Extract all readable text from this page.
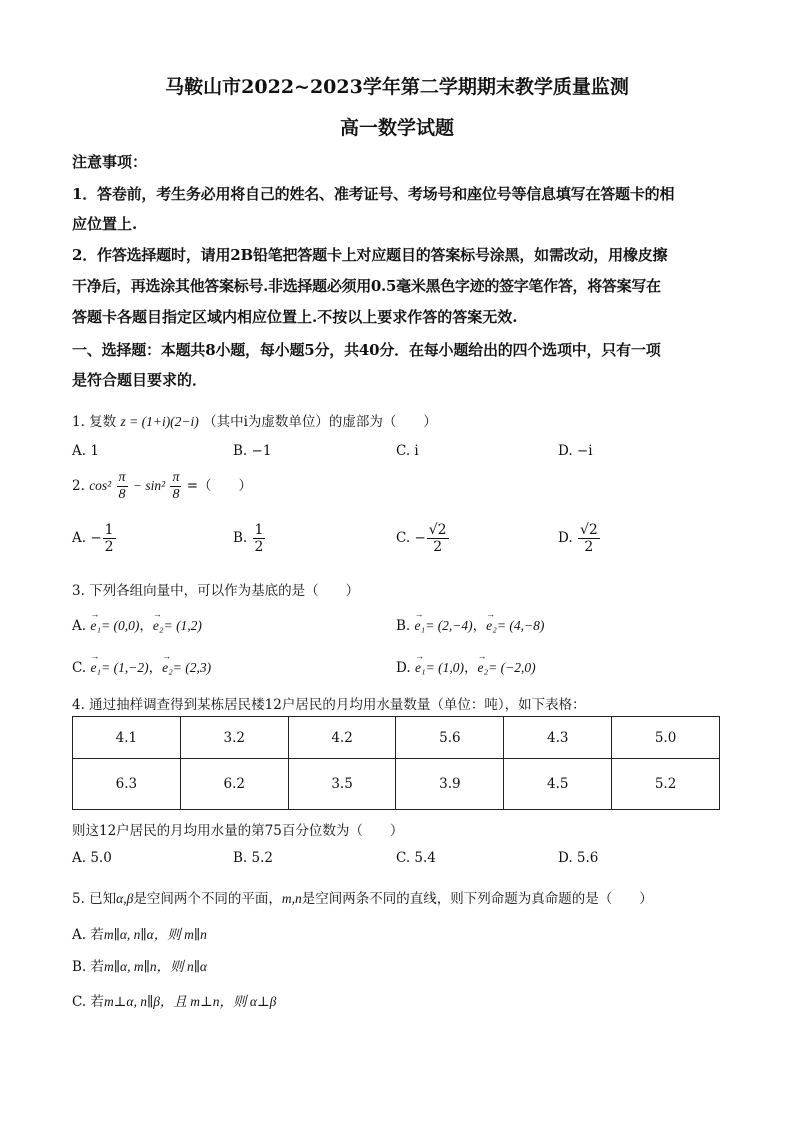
马鞍山市2022~2023学年第二学期期末教学质量监测
高一数学试题
注意事项：
1．答卷前，考生务必用将自己的姓名、准考证号、考场号和座位号等信息填写在答题卡的相
应位置上.
2．作答选择题时，请用2B铅笔把答题卡上对应题目的答案标号涂黑，如需改动，用橡皮擦
干净后，再选涂其他答案标号.非选择题必须用0.5毫米黑色字迹的签字笔作答，将答案写在
答题卡各题目指定区域内相应位置上.不按以上要求作答的答案无效.
一、选择题：本题共8小题，每小题5分，共40分．在每小题给出的四个选项中，只有一项
是符合题目要求的．
1. 复数 z = (1+i)(2−i) （其中i为虚数单位）的虚部为（　　）
A. 1	B. −1	C. i	D. −i
2. $\cos^2 \frac{\pi}{8} - \sin^2 \frac{\pi}{8}$ =（　　）
A. − $\frac{1}{2}$	B. $\frac{1}{2}$	C. − $\frac{√2}{2}$	D. $\frac{√2}{2}$
3. 下列各组向量中，可以作为基底的是（　　）
A. → e₁= (0,0)，→ e₂= (1,2)	B. → e₁= (2,−4)，→ e₂= (4,−8)
C. → e₁= (1,−2)，→ e₂= (2,3)	D. → e₁= (1,0)，→ e₂= (−2,0)
4. 通过抽样调查得到某栋居民楼12户居民的月均用水量数量（单位：吨），如下表格：
4.1	3.2	4.2	5.6	4.3	5.0
6.3	6.2	3.5	3.9	4.5	5.2
则这12户居民的月均用水量的第75百分位数为（　　）
A. 5.0	B. 5.2	C. 5.4	D. 5.6
5. 已知α,β是空间两个不同的平面，m,n是空间两条不同的直线，则下列命题为真命题的是（　　）
A. 若m∥α, n∥α，则 m∥n
B. 若m∥α, m∥n，则 n∥α
C. 若m⊥α, n∥β，且 m⊥n，则 α⊥β
